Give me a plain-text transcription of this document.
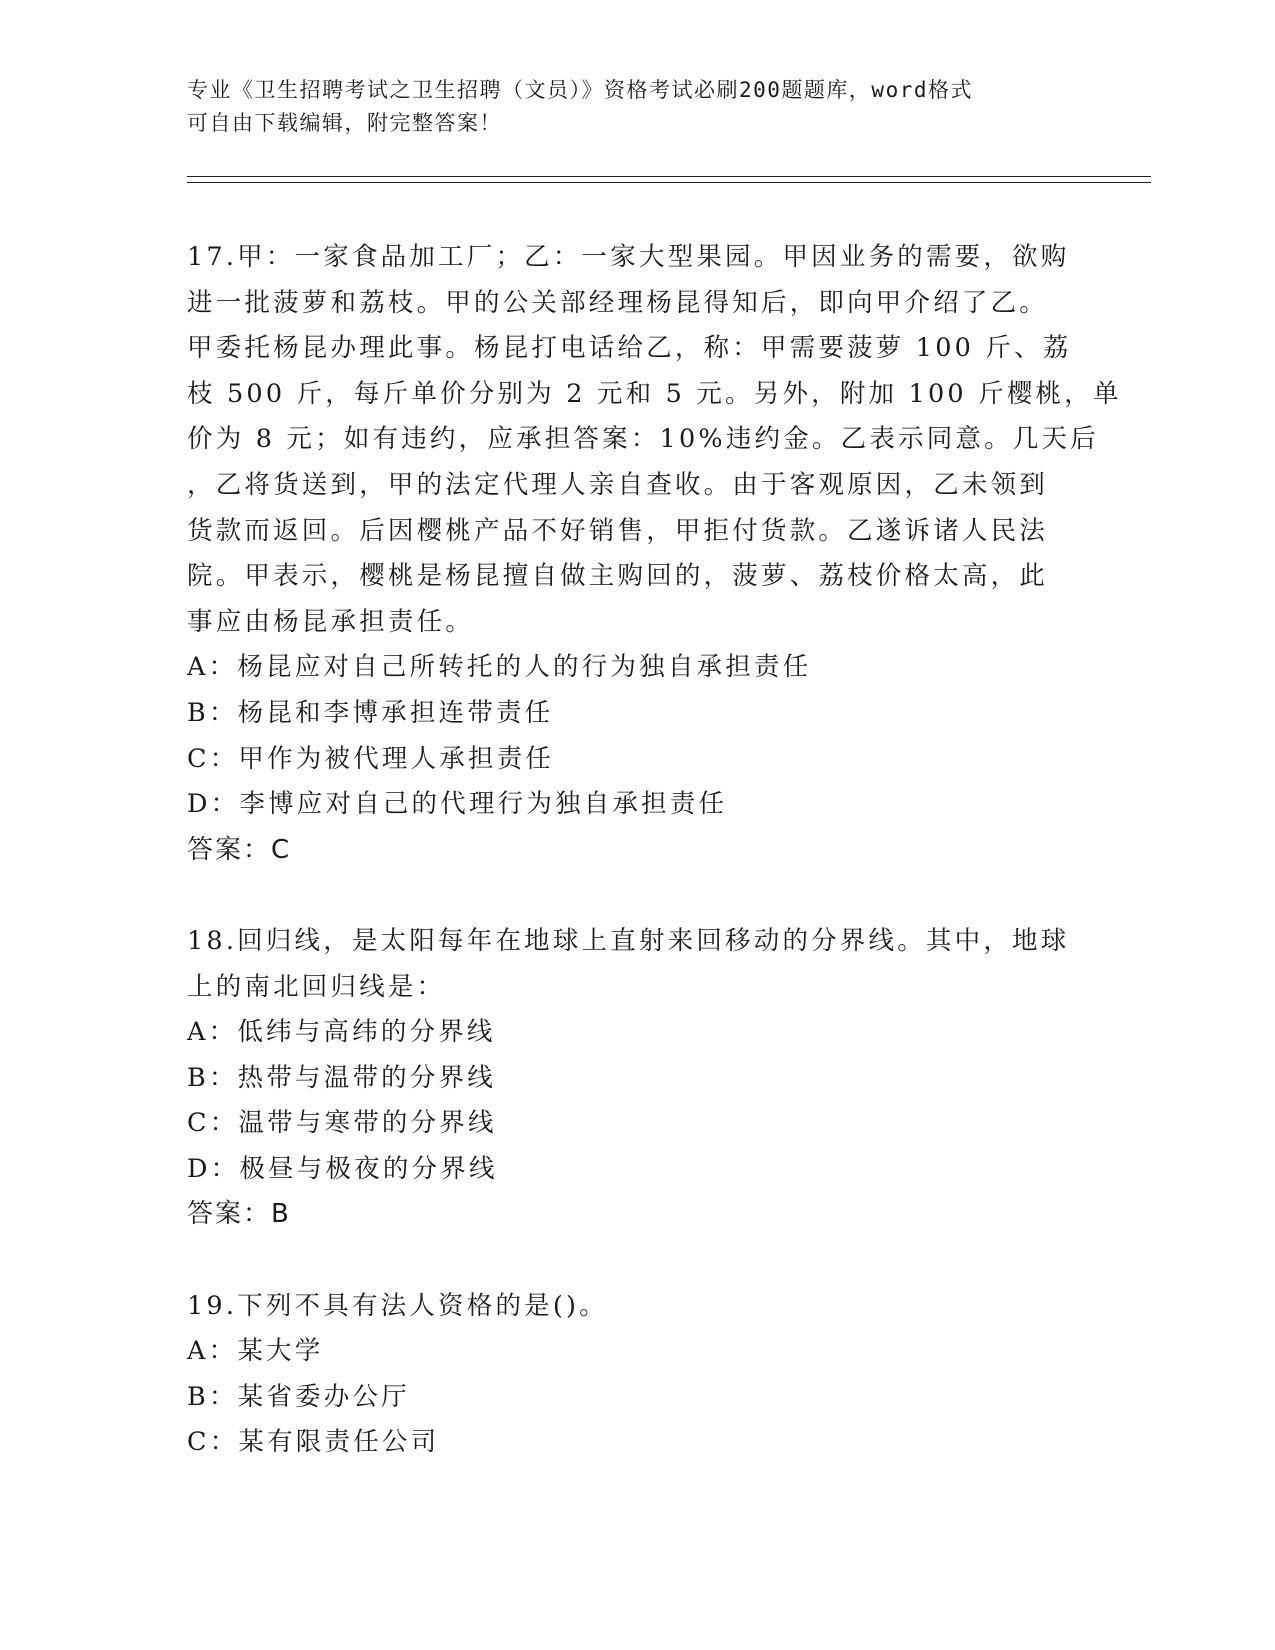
专业《卫生招聘考试之卫生招聘（文员）》资格考试必刷200题题库，word格式
可自由下载编辑，附完整答案！
17.甲：一家食品加工厂；乙：一家大型果园。甲因业务的需要，欲购
进一批菠萝和荔枝。甲的公关部经理杨昆得知后，即向甲介绍了乙。
甲委托杨昆办理此事。杨昆打电话给乙，称：甲需要菠萝 100 斤、荔
枝 500 斤，每斤单价分别为 2 元和 5 元。另外，附加 100 斤樱桃，单
价为 8 元；如有违约，应承担答案：10%违约金。乙表示同意。几天后
，乙将货送到，甲的法定代理人亲自查收。由于客观原因，乙未领到
货款而返回。后因樱桃产品不好销售，甲拒付货款。乙遂诉诸人民法
院。甲表示，樱桃是杨昆擅自做主购回的，菠萝、荔枝价格太高，此
事应由杨昆承担责任。
A：杨昆应对自己所转托的人的行为独自承担责任
B：杨昆和李博承担连带责任
C：甲作为被代理人承担责任
D：李博应对自己的代理行为独自承担责任
答案：C
18.回归线，是太阳每年在地球上直射来回移动的分界线。其中，地球
上的南北回归线是：
A：低纬与高纬的分界线
B：热带与温带的分界线
C：温带与寒带的分界线
D：极昼与极夜的分界线
答案：B
19.下列不具有法人资格的是()。
A：某大学
B：某省委办公厅
C：某有限责任公司
